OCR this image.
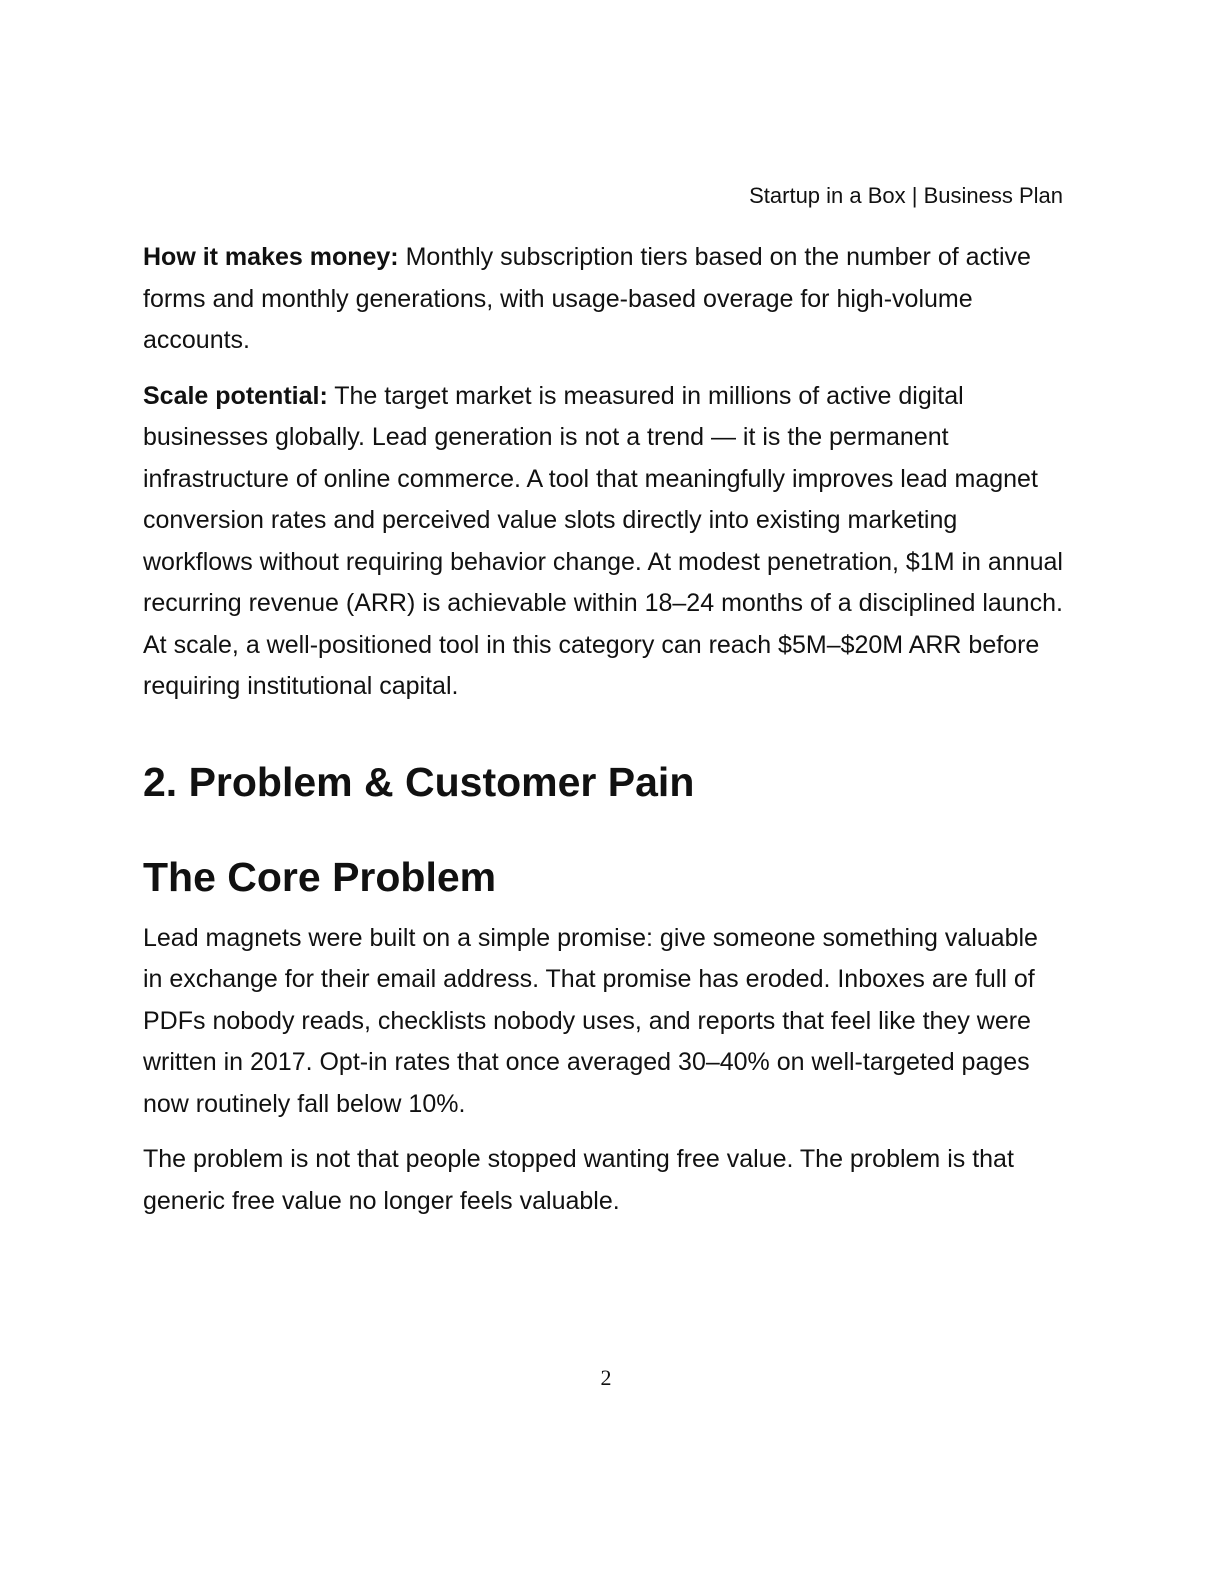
Startup in a Box | Business Plan

How it makes money: Monthly subscription tiers based on the number of active forms and monthly generations, with usage-based overage for high-volume accounts.

Scale potential: The target market is measured in millions of active digital businesses globally. Lead generation is not a trend — it is the permanent infrastructure of online commerce. A tool that meaningfully improves lead magnet conversion rates and perceived value slots directly into existing marketing workflows without requiring behavior change. At modest penetration, $1M in annual recurring revenue (ARR) is achievable within 18–24 months of a disciplined launch. At scale, a well-positioned tool in this category can reach $5M–$20M ARR before requiring institutional capital.

2. Problem & Customer Pain
The Core Problem

Lead magnets were built on a simple promise: give someone something valuable in exchange for their email address. That promise has eroded. Inboxes are full of PDFs nobody reads, checklists nobody uses, and reports that feel like they were written in 2017. Opt-in rates that once averaged 30–40% on well-targeted pages now routinely fall below 10%.

The problem is not that people stopped wanting free value. The problem is that generic free value no longer feels valuable.

2
